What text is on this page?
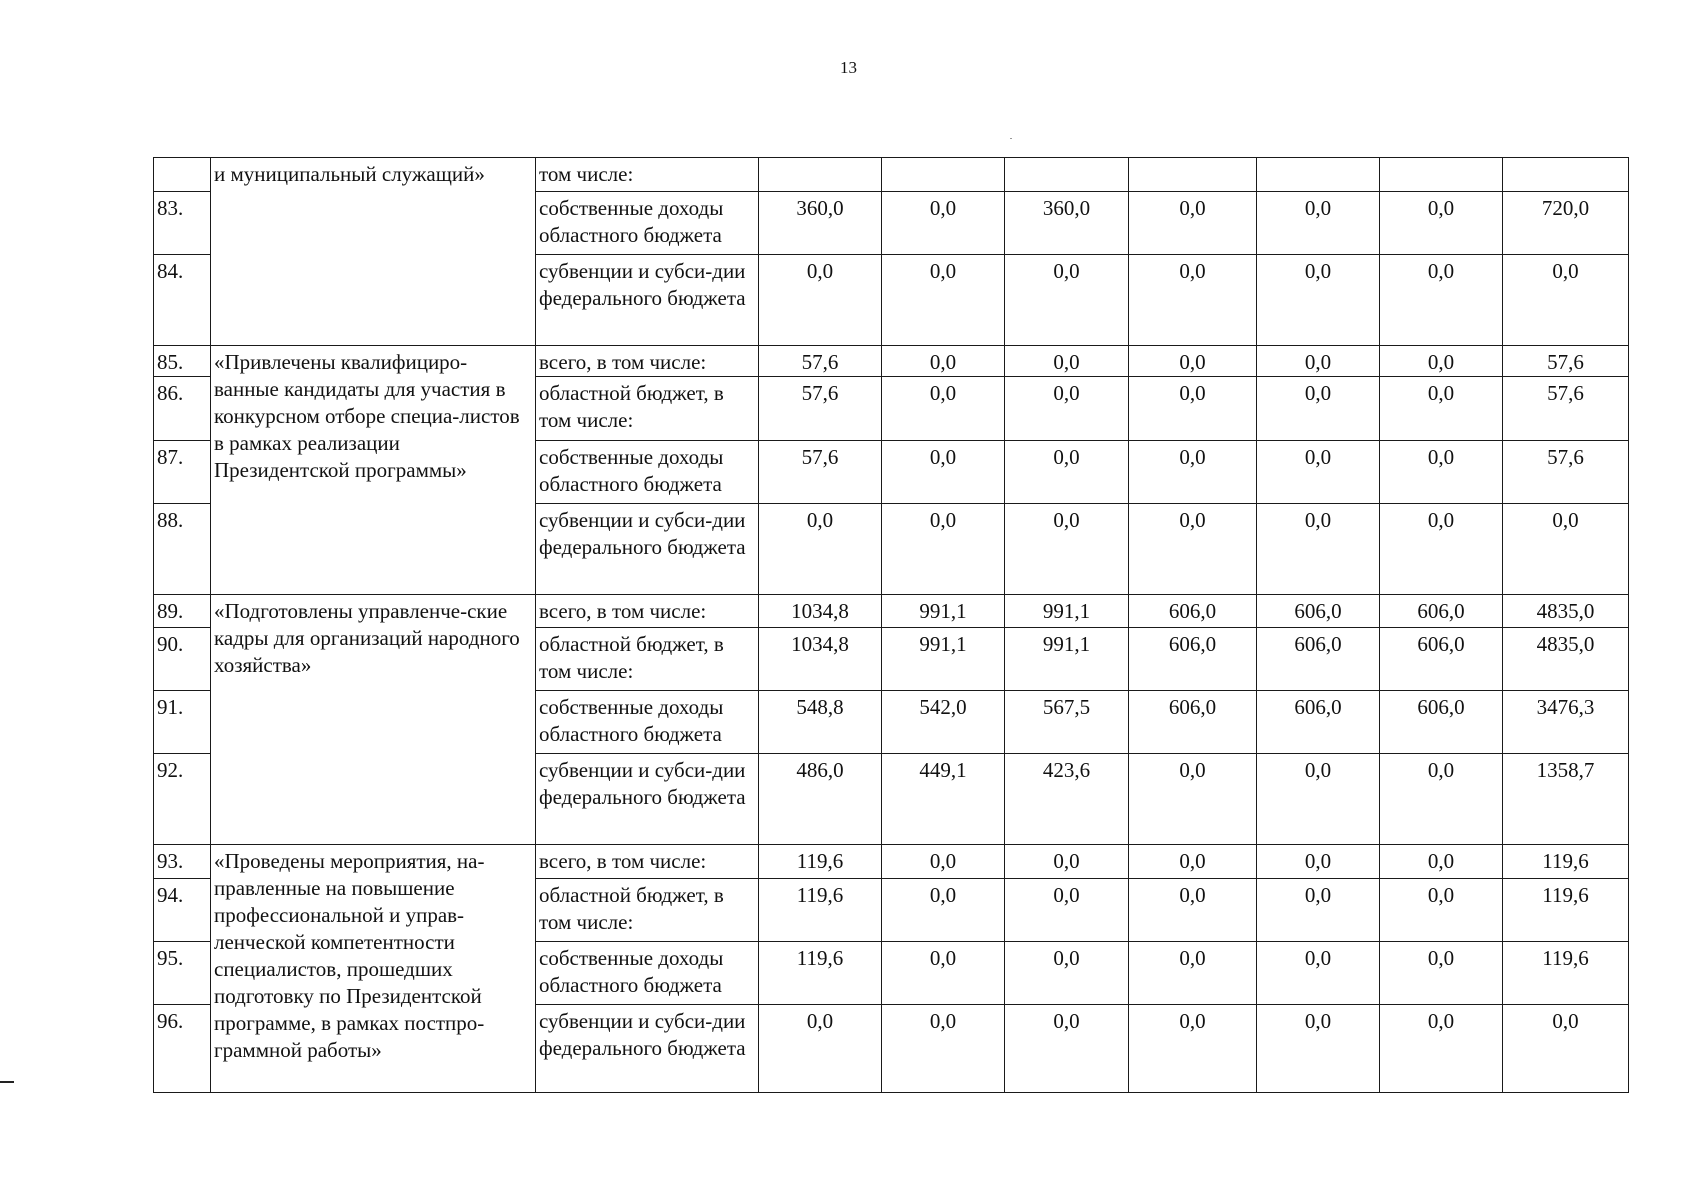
13
	и муниципальный служащий»	том числе:							
83.		собственные доходы областного бюджета	360,0	0,0	360,0	0,0	0,0	0,0	720,0
84.		субвенции и субси-дии федерального бюджета	0,0	0,0	0,0	0,0	0,0	0,0	0,0
85.	«Привлечены квалифициро-ванные кандидаты для участия в конкурсном отборе специа-листов в рамках реализации Президентской программы»	всего, в том числе:	57,6	0,0	0,0	0,0	0,0	0,0	57,6
86.		областной бюджет, в том числе:	57,6	0,0	0,0	0,0	0,0	0,0	57,6
87.		собственные доходы областного бюджета	57,6	0,0	0,0	0,0	0,0	0,0	57,6
88.		субвенции и субси-дии федерального бюджета	0,0	0,0	0,0	0,0	0,0	0,0	0,0
89.	«Подготовлены управленче-ские кадры для организаций народного хозяйства»	всего, в том числе:	1034,8	991,1	991,1	606,0	606,0	606,0	4835,0
90.		областной бюджет, в том числе:	1034,8	991,1	991,1	606,0	606,0	606,0	4835,0
91.		собственные доходы областного бюджета	548,8	542,0	567,5	606,0	606,0	606,0	3476,3
92.		субвенции и субси-дии федерального бюджета	486,0	449,1	423,6	0,0	0,0	0,0	1358,7
93.	«Проведены мероприятия, на-правленные на повышение профессиональной и управ-ленческой компетентности специалистов, прошедших подготовку по Президентской программе, в рамках постпро-граммной работы»	всего, в том числе:	119,6	0,0	0,0	0,0	0,0	0,0	119,6
94.		областной бюджет, в том числе:	119,6	0,0	0,0	0,0	0,0	0,0	119,6
95.		собственные доходы областного бюджета	119,6	0,0	0,0	0,0	0,0	0,0	119,6
96.		субвенции и субси-дии федерального бюджета	0,0	0,0	0,0	0,0	0,0	0,0	0,0
